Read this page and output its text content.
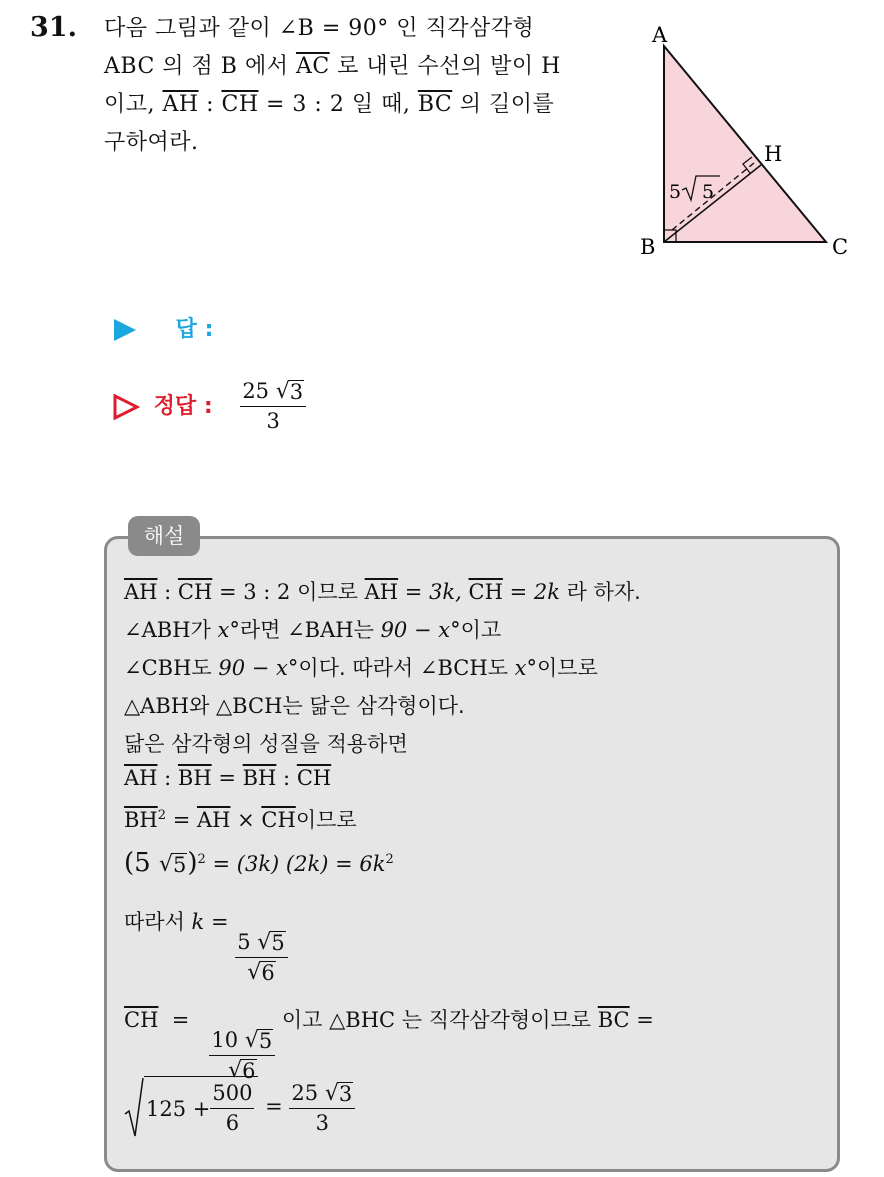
31. 다음 그림과 같이 ∠B = 90° 인 직각삼각형
ABC 의 점 B 에서 $\overline{AC}$ 로 내린 수선의 발이 H
이고, $\overline{AH}$ : $\overline{CH} = 3$ : 2 일 때, $\overline{BC}$ 의 길이를
구하여라.
A
B	C
H
5 5
답 :
정답 : $\frac{25 √ 3}{3}$
해설
$\overline{AH}$ : $\overline{CH} = 3$ : 2 이므로 $\overline{AH} = 3k$, $\overline{CH} = 2k$ 라 하자.
∠ABH가 x°라면 ∠BAH는 90 − x°이고
∠CBH도 90 − x°이다. 따라서 ∠BCH도 x°이므로
△ABH와 △BCH는 닮은 삼각형이다.
닮은 삼각형의 성질을 적용하면
$\overline{AH}$ : $\overline{BH} = \overline{BH}$ : $\overline{CH}$
$\overline{BH}^2 = \overline{AH} \times \overline{CH}$이므로
(5 √ 5 )$^2$ = (3k) $(2k) = 6k^2$
따라서 k =
$\frac{5 √ 5}{√ 6}$
$\overline{CH}$  =
$\frac{10 √ 5}{√ 6}$
이고 △BHC 는 직각삼각형이므로 $\overline{BC}$ =
$125 + \frac{500}{6} = \frac{25 √ 3}{3}$
